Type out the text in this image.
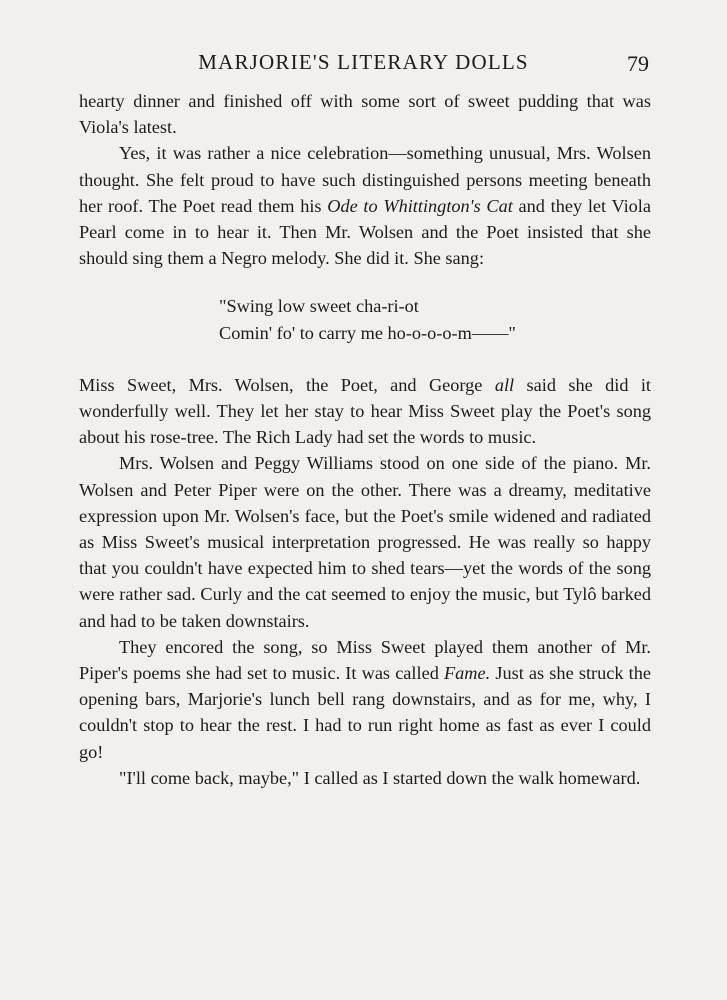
MARJORIE'S LITERARY DOLLS	79

hearty dinner and finished off with some sort of sweet pudding that was Viola's latest.

Yes, it was rather a nice celebration—something unusual, Mrs. Wolsen thought. She felt proud to have such distinguished persons meeting beneath her roof. The Poet read them his Ode to Whittington's Cat and they let Viola Pearl come in to hear it. Then Mr. Wolsen and the Poet insisted that she should sing them a Negro melody. She did it. She sang:

"Swing low sweet cha-ri-ot
Comin' fo' to carry me ho-o-o-o-m——"

Miss Sweet, Mrs. Wolsen, the Poet, and George all said she did it wonderfully well. They let her stay to hear Miss Sweet play the Poet's song about his rose-tree. The Rich Lady had set the words to music.

Mrs. Wolsen and Peggy Williams stood on one side of the piano. Mr. Wolsen and Peter Piper were on the other. There was a dreamy, meditative expression upon Mr. Wolsen's face, but the Poet's smile widened and radiated as Miss Sweet's musical interpretation progressed. He was really so happy that you couldn't have expected him to shed tears—yet the words of the song were rather sad. Curly and the cat seemed to enjoy the music, but Tylô barked and had to be taken downstairs.

They encored the song, so Miss Sweet played them another of Mr. Piper's poems she had set to music. It was called Fame. Just as she struck the opening bars, Marjorie's lunch bell rang downstairs, and as for me, why, I couldn't stop to hear the rest. I had to run right home as fast as ever I could go!

"I'll come back, maybe," I called as I started down the walk homeward.
